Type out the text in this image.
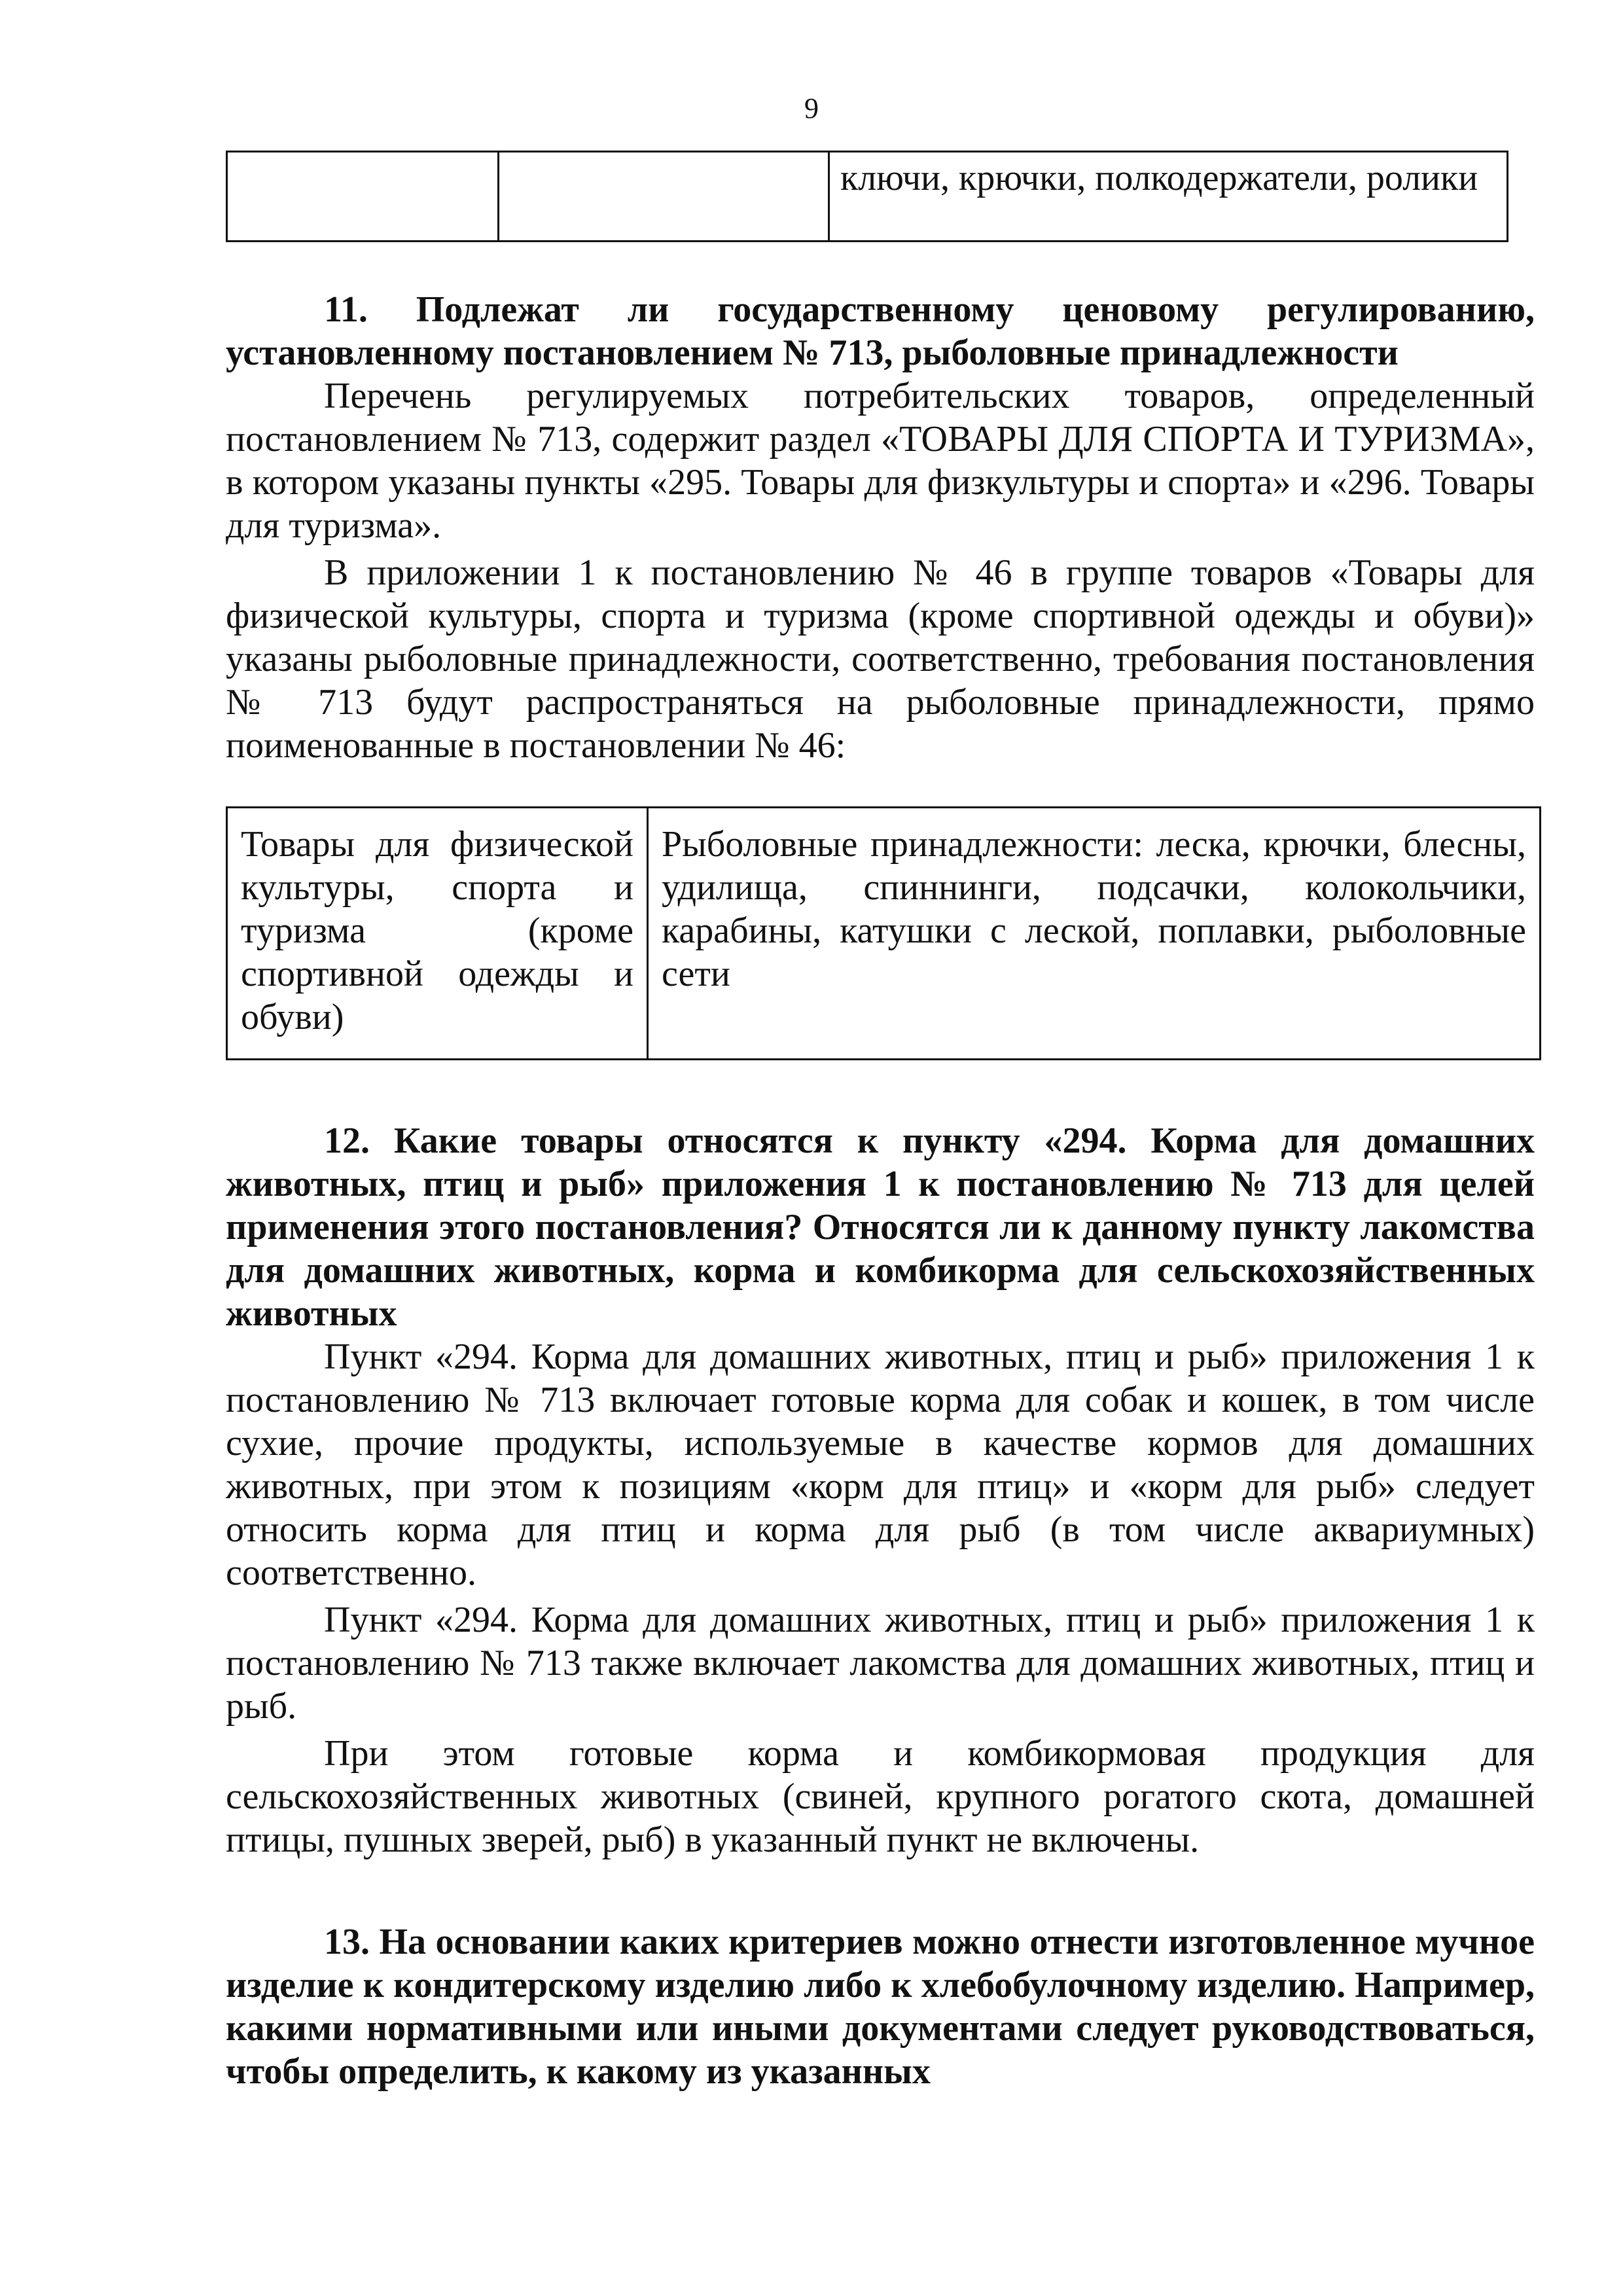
9
		ключи, крючки, полкодержатели, ролики

11. Подлежат ли государственному ценовому регулированию, установленному постановлением № 713, рыболовные принадлежности

Перечень регулируемых потребительских товаров, определенный постановлением № 713, содержит раздел «ТОВАРЫ ДЛЯ СПОРТА И ТУРИЗМА», в котором указаны пункты «295. Товары для физкультуры и спорта» и «296. Товары для туризма».

В приложении 1 к постановлению № 46 в группе товаров «Товары для физической культуры, спорта и туризма (кроме спортивной одежды и обуви)» указаны рыболовные принадлежности, соответственно, требования постановления № 713 будут распространяться на рыболовные принадлежности, прямо поименованные в постановлении № 46:

Товары для физической культуры, спорта и туризма (кроме спортивной одежды и обуви)	Рыболовные принадлежности: леска, крючки, блесны, удилища, спиннинги, подсачки, колокольчики, карабины, катушки с леской, поплавки, рыболовные сети

12. Какие товары относятся к пункту «294. Корма для домашних животных, птиц и рыб» приложения 1 к постановлению № 713 для целей применения этого постановления? Относятся ли к данному пункту лакомства для домашних животных, корма и комбикорма для сельскохозяйственных животных

Пункт «294. Корма для домашних животных, птиц и рыб» приложения 1 к постановлению № 713 включает готовые корма для собак и кошек, в том числе сухие, прочие продукты, используемые в качестве кормов для домашних животных, при этом к позициям «корм для птиц» и «корм для рыб» следует относить корма для птиц и корма для рыб (в том числе аквариумных) соответственно.

Пункт «294. Корма для домашних животных, птиц и рыб» приложения 1 к постановлению № 713 также включает лакомства для домашних животных, птиц и рыб.

При этом готовые корма и комбикормовая продукция для сельскохозяйственных животных (свиней, крупного рогатого скота, домашней птицы, пушных зверей, рыб) в указанный пункт не включены.

13. На основании каких критериев можно отнести изготовленное мучное изделие к кондитерскому изделию либо к хлебобулочному изделию. Например, какими нормативными или иными документами следует руководствоваться, чтобы определить, к какому из указанных
